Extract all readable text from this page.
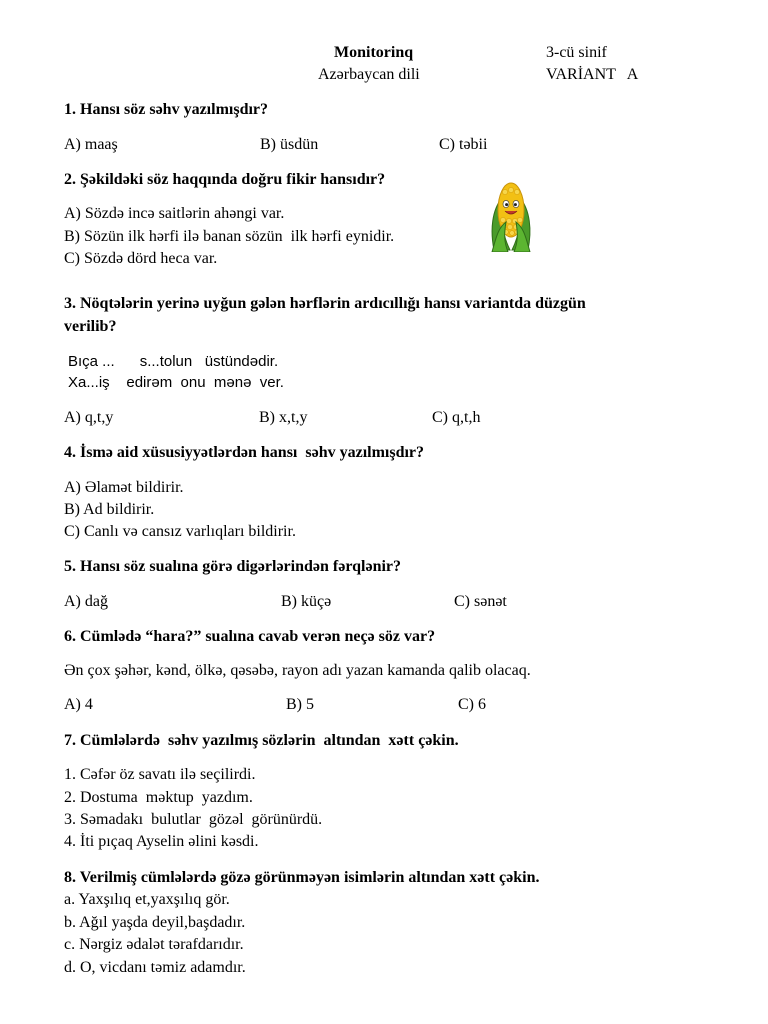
Monitorinq
Azərbaycan dili
3-cü sinif
VARİANT   A
1. Hansı söz səhv yazılmışdır?
A) maaş	B) üsdün	C) təbii
2. Şəkildəki söz haqqında doğru fikir hansıdır?
A) Sözdə incə saitlərin ahəngi var.
B) Sözün ilk hərfi ilə banan sözün  ilk hərfi eynidir.
C) Sözdə dörd heca var.
3. Nöqtələrin yerinə uyğun gələn hərflərin ardıcıllığı hansı variantda düzgün
verilib?
Bıça ...      s...tolun   üstündədir.
Xa...iş    edirəm  onu  mənə  ver.
A) q,t,y	B) x,t,y	C) q,t,h
4. İsmə aid xüsusiyyətlərdən hansı  səhv yazılmışdır?
A) Əlamət bildirir.
B) Ad bildirir.
C) Canlı və cansız varlıqları bildirir.
5. Hansı söz sualına görə digərlərindən fərqlənir?
A) dağ	B) küçə	C) sənət
6. Cümlədə “hara?” sualına cavab verən neçə söz var?
Ən çox şəhər, kənd, ölkə, qəsəbə, rayon adı yazan kamanda qalib olacaq.
A) 4	B) 5	C) 6
7. Cümlələrdə  səhv yazılmış sözlərin  altından  xətt çəkin.
1. Cəfər öz savatı ilə seçilirdi.
2. Dostuma  məktup  yazdım.
3. Səmadakı  bulutlar  gözəl  görünürdü.
4. İti pıçaq Ayselin əlini kəsdi.
8. Verilmiş cümlələrdə gözə görünməyən isimlərin altından xətt çəkin.
a. Yaxşılıq et,yaxşılıq gör.
b. Ağıl yaşda deyil,başdadır.
c. Nərgiz ədalət tərafdarıdır.
d. O, vicdanı təmiz adamdır.
